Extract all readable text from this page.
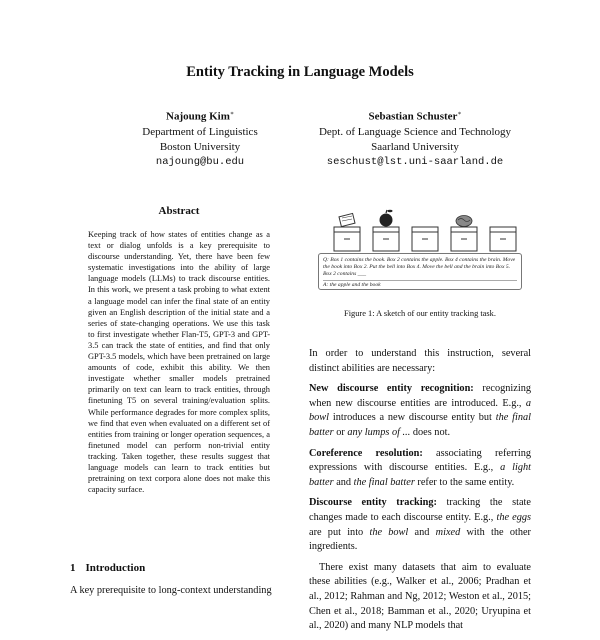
Entity Tracking in Language Models
Najoung Kim∗
Department of Linguistics
Boston University
najoung@bu.edu
Sebastian Schuster∗
Dept. of Language Science and Technology
Saarland University
seschust@lst.uni-saarland.de
Abstract

Keeping track of how states of entities change as a text or dialog unfolds is a key prerequisite to discourse understanding. Yet, there have been few systematic investigations into the ability of large language models (LLMs) to track discourse entities. In this work, we present a task probing to what extent a language model can infer the final state of an entity given an English description of the initial state and a series of state-changing operations. We use this task to first investigate whether Flan-T5, GPT-3 and GPT-3.5 can track the state of entities, and find that only GPT-3.5 models, which have been pretrained on large amounts of code, exhibit this ability. We then investigate whether smaller models pretrained primarily on text can learn to track entities, through finetuning T5 on several training/evaluation splits. While performance degrades for more complex splits, we find that even when evaluated on a different set of entities from training or longer operation sequences, a finetuned model can perform non-trivial entity tracking. Taken together, these results suggest that language models can learn to track entities but pretraining on text corpora alone does not make this capacity surface.

1 Introduction
A key prerequisite to long-context understanding
Q: Box 1 contains the book. Box 2 contains the apple. Box 4 contains the brain. Move the book into Box 2. Put the bell into Box 4. Move the bell and the brain into Box 5. Box 2 contains ___
A: the apple and the book
Figure 1: A sketch of our entity tracking task.

In order to understand this instruction, several distinct abilities are necessary:

New discourse entity recognition: recognizing when new discourse entities are introduced. E.g., a bowl introduces a new discourse entity but the final batter or any lumps of ... does not.

Coreference resolution: associating referring expressions with discourse entities. E.g., a light batter and the final batter refer to the same entity.

Discourse entity tracking: tracking the state changes made to each discourse entity. E.g., the eggs are put into the bowl and mixed with the other ingredients.

There exist many datasets that aim to evaluate these abilities (e.g., Walker et al., 2006; Pradhan et al., 2012; Rahman and Ng, 2012; Weston et al., 2015; Chen et al., 2018; Bamman et al., 2020; Uryupina et al., 2020) and many NLP models that
